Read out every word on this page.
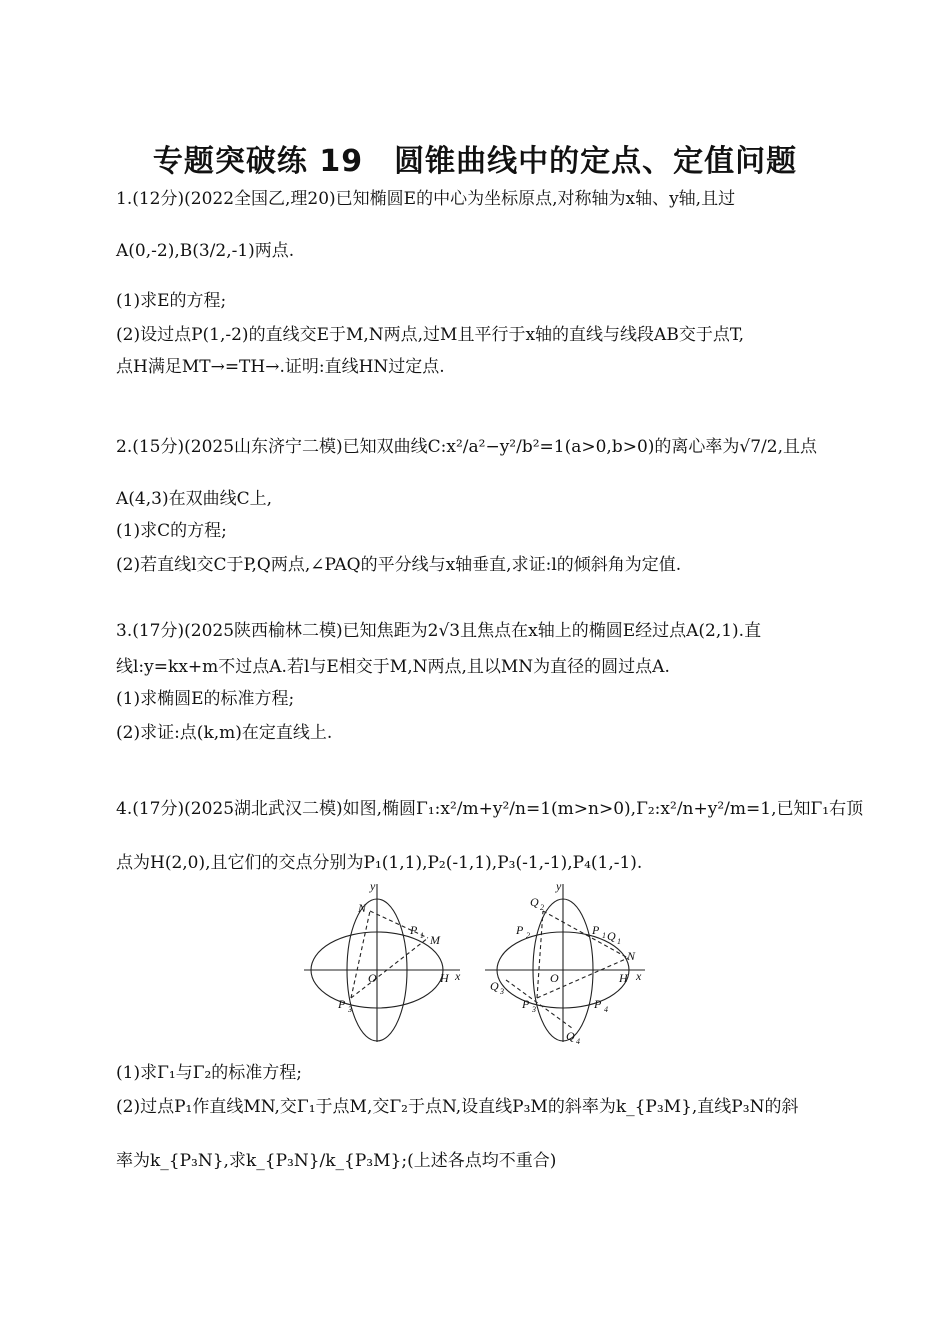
专题突破练 19　圆锥曲线中的定点、定值问题
1.(12分)(2022全国乙,理20)已知椭圆E的中心为坐标原点,对称轴为x轴、y轴,且过
A(0,-2),B(3/2,-1)两点.
(1)求E的方程;
(2)设过点P(1,-2)的直线交E于M,N两点,过M且平行于x轴的直线与线段AB交于点T,
点H满足MT→=TH→.证明:直线HN过定点.
2.(15分)(2025山东济宁二模)已知双曲线C:x²/a²−y²/b²=1(a>0,b>0)的离心率为√7/2,且点
A(4,3)在双曲线C上,
(1)求C的方程;
(2)若直线l交C于P,Q两点,∠PAQ的平分线与x轴垂直,求证:l的倾斜角为定值.
3.(17分)(2025陕西榆林二模)已知焦距为2√3且焦点在x轴上的椭圆E经过点A(2,1).直
线l:y=kx+m不过点A.若l与E相交于M,N两点,且以MN为直径的圆过点A.
(1)求椭圆E的标准方程;
(2)求证:点(k,m)在定直线上.
4.(17分)(2025湖北武汉二模)如图,椭圆Γ₁:x²/m+y²/n=1(m>n>0),Γ₂:x²/n+y²/m=1,已知Γ₁右顶
点为H(2,0),且它们的交点分别为P₁(1,1),P₂(-1,1),P₃(-1,-1),P₄(1,-1).
y
N
P 1 M
O	H x
P 3
y
Q 2
P 2	P 1 Q 1
N
O	H x
Q 3
P 3	P 4
Q 4
(1)求Γ₁与Γ₂的标准方程;
(2)过点P₁作直线MN,交Γ₁于点M,交Γ₂于点N,设直线P₃M的斜率为k_{P₃M},直线P₃N的斜
率为k_{P₃N},求k_{P₃N}/k_{P₃M};(上述各点均不重合)
